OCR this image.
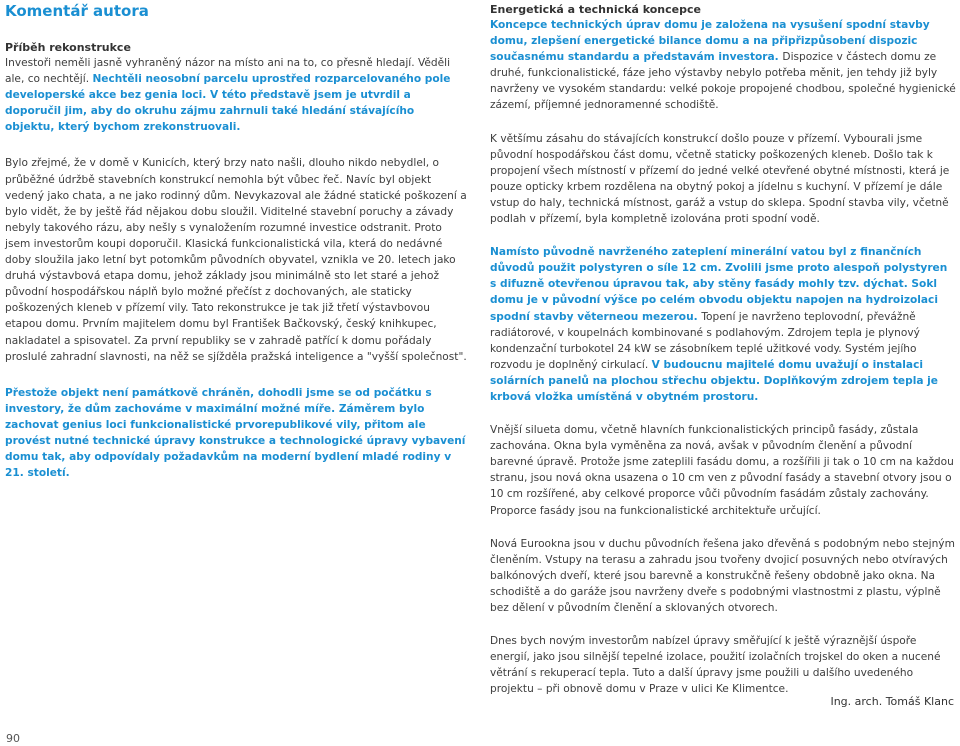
Komentář autora
Příběh rekonstrukce

Investoři neměli jasně vyhraněný názor na místo ani na to, co přesně hledají. Věděli ale, co nechtějí. Nechtěli neosobní parcelu uprostřed rozparcelovaného pole developerské akce bez genia loci. V této představě jsem je utvrdil a doporučil jim, aby do okruhu zájmu zahrnuli také hledání stávajícího objektu, který bychom zrekonstruovali.

Bylo zřejmé, že v domě v Kunicích, který brzy nato našli, dlouho nikdo nebydlel, o průběžné údržbě stavebních konstrukcí nemohla být vůbec řeč. Navíc byl objekt vedený jako chata, a ne jako rodinný dům. Nevykazoval ale žádné statické poškození a bylo vidět, že by ještě řád nějakou dobu sloužil. Viditelné stavební poruchy a závady nebyly takového rázu, aby nešly s vynaložením rozumné investice odstranit. Proto jsem investorům koupi doporučil. Klasická funkcionalistická vila, která do nedávné doby sloužila jako letní byt potomkům původních obyvatel, vznikla ve 20. letech jako druhá výstavbová etapa domu, jehož základy jsou minimálně sto let staré a jehož původní hospodářskou náplň bylo možné přečíst z dochovaných, ale staticky poškozených kleneb v přízemí vily. Tato rekonstrukce je tak již třetí výstavbovou etapou domu. Prvním majitelem domu byl František Bačkovský, český knihkupec, nakladatel a spisovatel. Za první republiky se v zahradě patřící k domu pořádaly proslulé zahradní slavnosti, na něž se sjížděla pražská inteligence a "vyšší společnost".

Přestože objekt není památkově chráněn, dohodli jsme se od počátku s investory, že dům zachováme v maximální možné míře. Záměrem bylo zachovat genius loci funkcionalistické prvorepublikové vily, přitom ale provést nutné technické úpravy konstrukce a technologické úpravy vybavení domu tak, aby odpovídaly požadavkům na moderní bydlení mladé rodiny v 21. století.

Energetická a technická koncepce

Koncepce technických úprav domu je založena na vysušení spodní stavby domu, zlepšení energetické bilance domu a na připřizpůsobení dispozic současnému standardu a představám investora. Dispozice v částech domu ze druhé, funkcionalistické, fáze jeho výstavby nebylo potřeba měnit, jen tehdy již byly navrženy ve vysokém standardu: velké pokoje propojené chodbou, společné hygienické zázemí, příjemné jednoramenné schodiště.

K většímu zásahu do stávajících konstrukcí došlo pouze v přízemí. Vybourali jsme původní hospodářskou část domu, včetně staticky poškozených kleneb. Došlo tak k propojení všech místností v přízemí do jedné velké otevřené obytné místnosti, která je pouze opticky krbem rozdělena na obytný pokoj a jídelnu s kuchyní. V přízemí je dále vstup do haly, technická místnost, garáž a vstup do sklepa. Spodní stavba vily, včetně podlah v přízemí, byla kompletně izolována proti spodní vodě.

Namísto původně navrženého zateplení minerální vatou byl z finančních důvodů použit polystyren o síle 12 cm. Zvolili jsme proto alespoň polystyren s difuzně otevřenou úpravou tak, aby stěny fasády mohly tzv. dýchat. Sokl domu je v původní výšce po celém obvodu objektu napojen na hydroizolaci spodní stavby věterneou mezerou. Topení je navrženo teplovodní, převážně radiátorové, v koupelnách kombinované s podlahovým. Zdrojem tepla je plynový kondenzační turbokotel 24 kW se zásobníkem teplé užitkové vody. Systém jejího rozvodu je doplněný cirkulací. V budoucnu majitelé domu uvažují o instalaci solárních panelů na plochou střechu objektu. Doplňkovým zdrojem tepla je krbová vložka umístěná v obytném prostoru.

Vnější silueta domu, včetně hlavních funkcionalistických principů fasády, zůstala zachována. Okna byla vyměněna za nová, avšak v původním členění a původní barevné úpravě. Protože jsme zateplili fasádu domu, a rozšířili ji tak o 10 cm na každou stranu, jsou nová okna usazena o 10 cm ven z původní fasády a stavební otvory jsou o 10 cm rozšířené, aby celkové proporce vůči původním fasádám zůstaly zachovány. Proporce fasády jsou na funkcionalistické architektuře určující.

Nová Eurookna jsou v duchu původních řešena jako dřevěná s podobným nebo stejným členěním. Vstupy na terasu a zahradu jsou tvořeny dvojicí posuvných nebo otvíravých balkónových dveří, které jsou barevně a konstrukčně řešeny obdobně jako okna. Na schodiště a do garáže jsou navrženy dveře s podobnými vlastnostmi z plastu, výplně bez dělení v původním členění a sklovaných otvorech.

Dnes bych novým investorům nabízel úpravy směřující k ještě výraznější úspoře energií, jako jsou silnější tepelné izolace, použití izolačních trojskel do oken a nucené větrání s rekuperací tepla. Tuto a další úpravy jsme použili u dalšího uvedeného projektu – při obnově domu v Praze v ulici Ke Klimentce.

Ing. arch. Tomáš Klanc
90
